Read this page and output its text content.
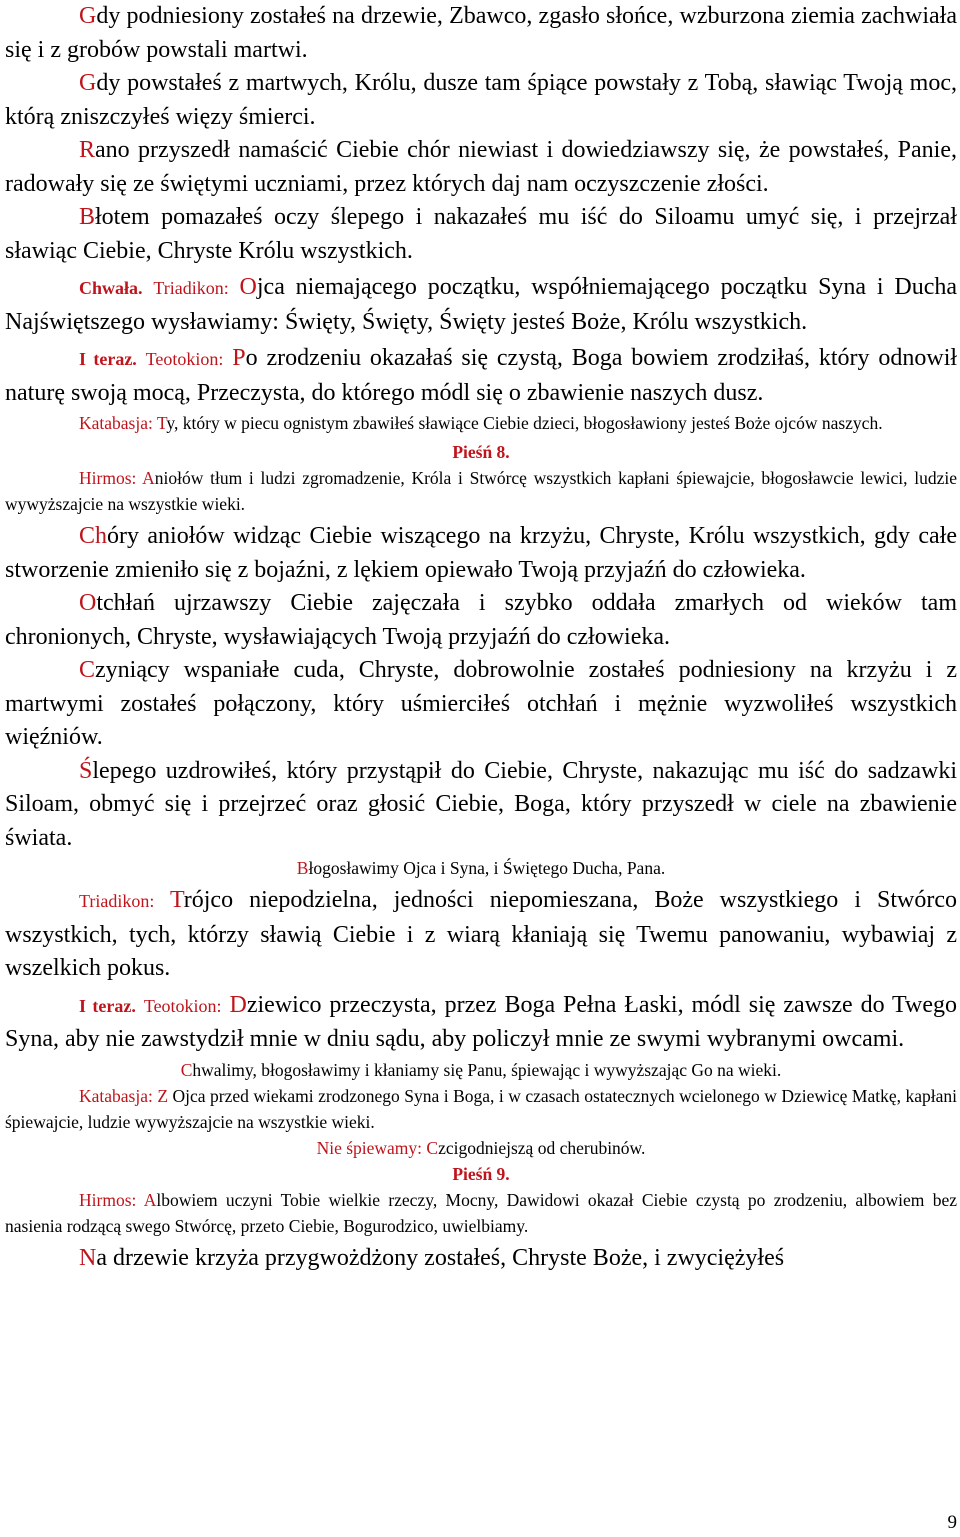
Gdy podniesiony zostałeś na drzewie, Zbawco, zgasło słońce, wzburzona ziemia zachwiała się i z grobów powstali martwi.

Gdy powstałeś z martwych, Królu, dusze tam śpiące powstały z Tobą, sławiąc Twoją moc, którą zniszczyłeś więzy śmierci.

Rano przyszedł namaścić Ciebie chór niewiast i dowiedziawszy się, że powstałeś, Panie, radowały się ze świętymi uczniami, przez których daj nam oczyszczenie złości.

Błotem pomazałeś oczy ślepego i nakazałeś mu iść do Siloamu umyć się, i przejrzał sławiąc Ciebie, Chryste Królu wszystkich.

Chwała. Triadikon: Ojca niemającego początku, współniemającego początku Syna i Ducha Najświętszego wysławiamy: Święty, Święty, Święty jesteś Boże, Królu wszystkich.

I teraz. Teotokion: Po zrodzeniu okazałaś się czystą, Boga bowiem zrodziłaś, który odnowił naturę swoją mocą, Przeczysta, do którego módl się o zbawienie naszych dusz.

Katabasja: Ty, który w piecu ognistym zbawiłeś sławiące Ciebie dzieci, błogosławiony jesteś Boże ojców naszych.

Pieśń 8.

Hirmos: Aniołów tłum i ludzi zgromadzenie, Króla i Stwórcę wszystkich kapłani śpiewajcie, błogosławcie lewici, ludzie wywyższajcie na wszystkie wieki.

Chóry aniołów widząc Ciebie wiszącego na krzyżu, Chryste, Królu wszystkich, gdy całe stworzenie zmieniło się z bojaźni, z lękiem opiewało Twoją przyjaźń do człowieka.

Otchłań ujrzawszy Ciebie zajęczała i szybko oddała zmarłych od wieków tam chronionych, Chryste, wysławiających Twoją przyjaźń do człowieka.

Czyniący wspaniałe cuda, Chryste, dobrowolnie zostałeś podniesiony na krzyżu i z martwymi zostałeś połączony, który uśmierciłeś otchłań i mężnie wyzwoliłeś wszystkich więźniów.

Ślepego uzdrowiłeś, który przystąpił do Ciebie, Chryste, nakazując mu iść do sadzawki Siloam, obmyć się i przejrzeć oraz głosić Ciebie, Boga, który przyszedł w ciele na zbawienie świata.

Błogosławimy Ojca i Syna, i Świętego Ducha, Pana.

Triadikon: Trójco niepodzielna, jedności niepomieszana, Boże wszystkiego i Stwórco wszystkich, tych, którzy sławią Ciebie i z wiarą kłaniają się Twemu panowaniu, wybawiaj z wszelkich pokus.

I teraz. Teotokion: Dziewico przeczysta, przez Boga Pełna Łaski, módl się zawsze do Twego Syna, aby nie zawstydził mnie w dniu sądu, aby policzył mnie ze swymi wybranymi owcami.

Chwalimy, błogosławimy i kłaniamy się Panu, śpiewając i wywyższając Go na wieki.

Katabasja: Z Ojca przed wiekami zrodzonego Syna i Boga, i w czasach ostatecznych wcielonego w Dziewicę Matkę, kapłani śpiewajcie, ludzie wywyższajcie na wszystkie wieki.

Nie śpiewamy: Czcigodniejszą od cherubinów.

Pieśń 9.

Hirmos: Albowiem uczyni Tobie wielkie rzeczy, Mocny, Dawidowi okazał Ciebie czystą po zrodzeniu, albowiem bez nasienia rodzącą swego Stwórcę, przeto Ciebie, Bogurodzico, uwielbiamy.

Na drzewie krzyża przygwożdżony zostałeś, Chryste Boże, i zwyciężyłeś

9
